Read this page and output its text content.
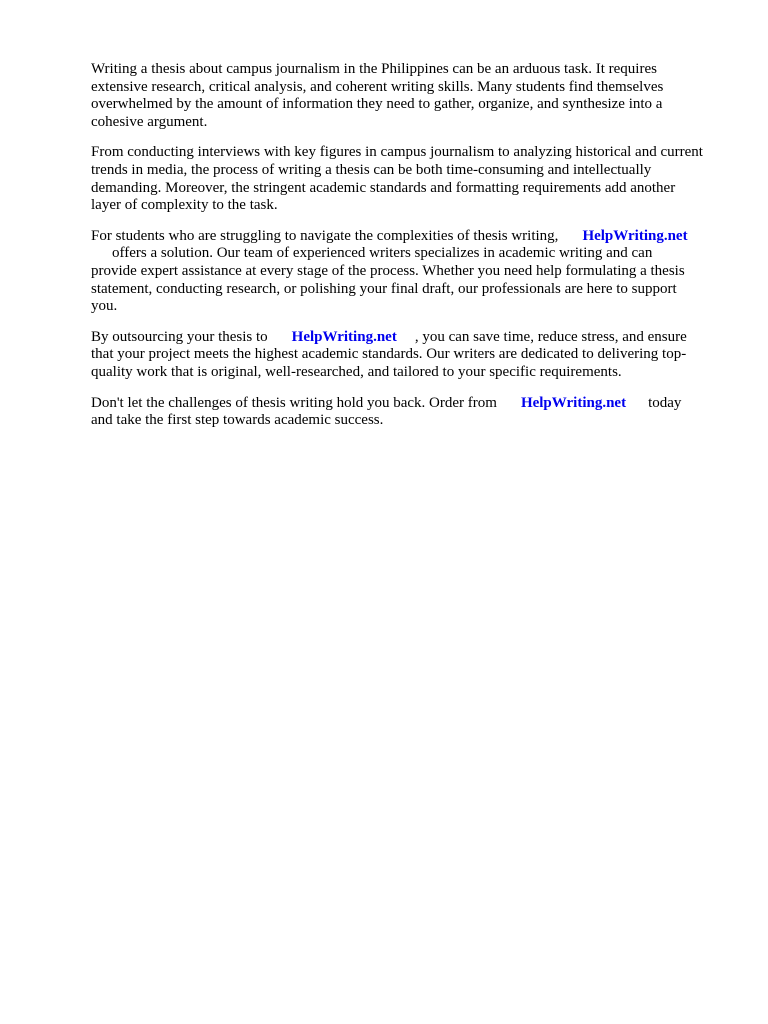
Writing a thesis about campus journalism in the Philippines can be an arduous task. It requires
extensive research, critical analysis, and coherent writing skills. Many students find themselves
overwhelmed by the amount of information they need to gather, organize, and synthesize into a
cohesive argument.

From conducting interviews with key figures in campus journalism to analyzing historical and current
trends in media, the process of writing a thesis can be both time-consuming and intellectually
demanding. Moreover, the stringent academic standards and formatting requirements add another
layer of complexity to the task.

For students who are struggling to navigate the complexities of thesis writing, HelpWriting.net
offers a solution. Our team of experienced writers specializes in academic writing and can
provide expert assistance at every stage of the process. Whether you need help formulating a thesis
statement, conducting research, or polishing your final draft, our professionals are here to support
you.

By outsourcing your thesis to HelpWriting.net , you can save time, reduce stress, and ensure
that your project meets the highest academic standards. Our writers are dedicated to delivering top-
quality work that is original, well-researched, and tailored to your specific requirements.

Don't let the challenges of thesis writing hold you back. Order from HelpWriting.net today
and take the first step towards academic success.
